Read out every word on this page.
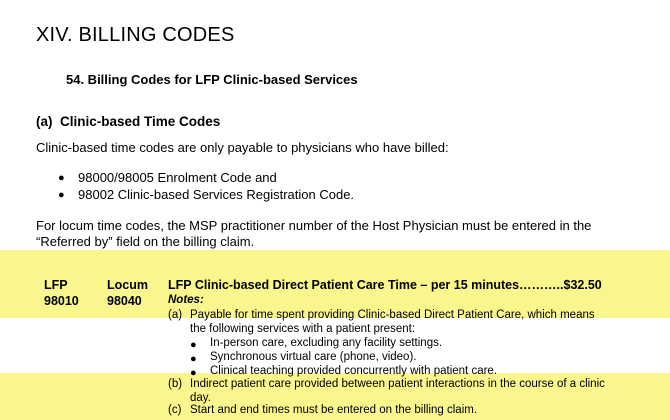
XIV. BILLING CODES
54. Billing Codes for LFP Clinic-based Services
(a) Clinic-based Time Codes
Clinic-based time codes are only payable to physicians who have billed:
● 98000/98005 Enrolment Code and
● 98002 Clinic-based Services Registration Code.
For locum time codes, the MSP practitioner number of the Host Physician must be entered in the
“Referred by” field on the billing claim.
LFP
98010
Locum
98040
LFP Clinic-based Direct Patient Care Time – per 15 minutes………..$32.50
Notes:
(a) Payable for time spent providing Clinic-based Direct Patient Care, which means
the following services with a patient present:
● In-person care, excluding any facility settings.
● Synchronous virtual care (phone, video).
● Clinical teaching provided concurrently with patient care.
(b) Indirect patient care provided between patient interactions in the course of a clinic
day.
(c) Start and end times must be entered on the billing claim.
